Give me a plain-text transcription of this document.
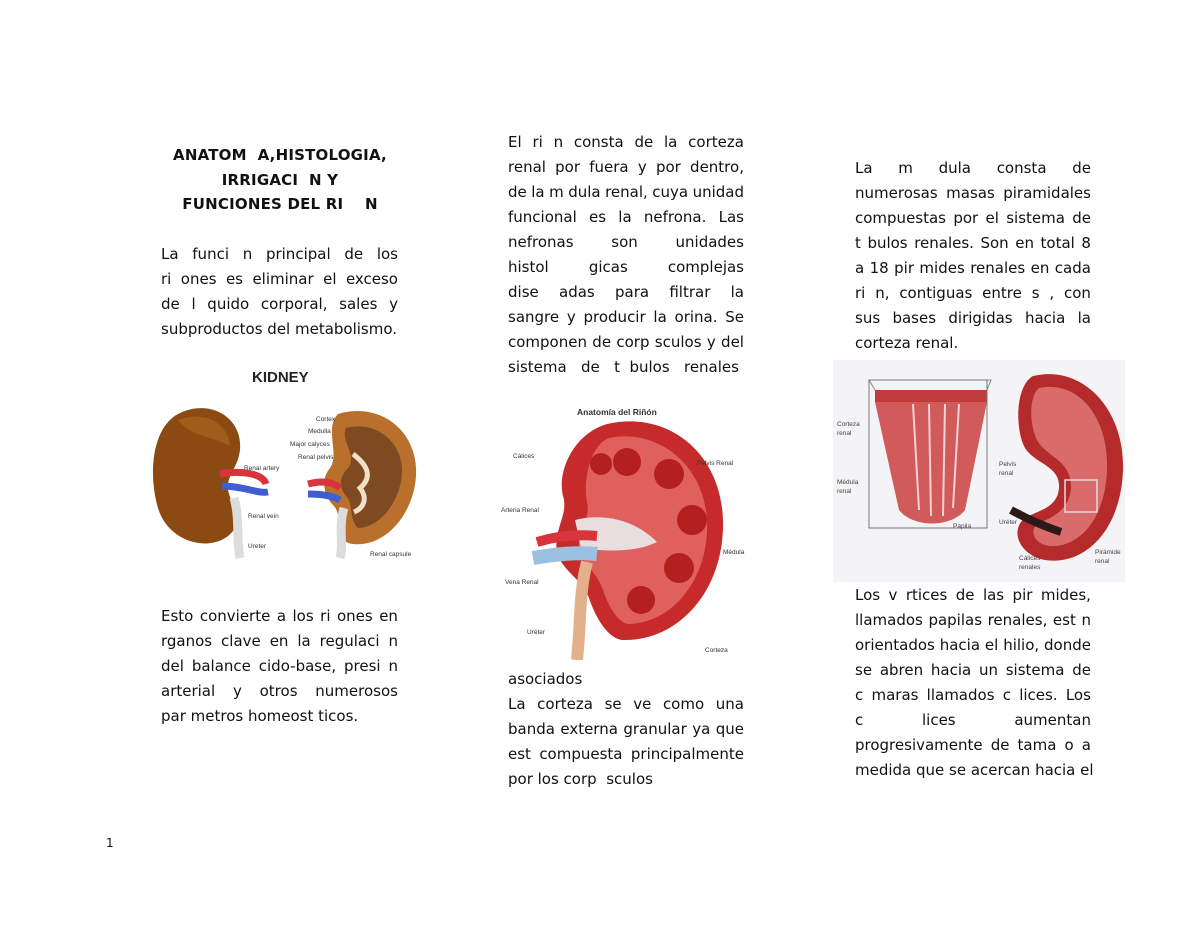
ANATOM  A,HISTOLOGIA,
IRRIGACI  N Y
FUNCIONES DEL RI    N
La funci n principal de los
ri ones es eliminar el exceso
de l quido corporal, sales y
subproductos del metabolismo.
KIDNEY
Cortex
Medulla
Major calyces
Renal pelvis
Renal artery
Renal vein
Ureter
Renal capsule
Esto convierte a los ri ones en
rganos clave en la regulaci n
del balance cido-base, presi n
arterial y otros numerosos
par metros homeost ticos.
El ri n consta de la corteza
renal por fuera y por dentro,
de la m dula renal, cuya unidad
funcional es la nefrona. Las
nefronas	son	unidades
histol	gicas	complejas
dise adas para filtrar la
sangre y producir la orina. Se
componen de corp sculos y del
sistema   de   t  bulos   renales
Anatomía del Riñón
Cálices
Pelvis Renal
Arteria Renal
Médula
Vena Renal
Uréter
Corteza
asociados
La corteza se ve como una
banda externa granular ya que
est compuesta principalmente
por los corp  sculos
La m dula consta de
numerosas masas piramidales
compuestas por el sistema de
t bulos renales. Son en total 8
a 18 pir mides renales en cada
ri n, contiguas entre s , con
sus bases dirigidas hacia la
corteza renal.
Corteza
renal
Médula
renal
Papila
Pelvis
renal
Uréter
Cálices
renales
Pirámide
renal
Los v rtices de las pir mides,
llamados papilas renales, est n
orientados hacia el hilio, donde
se abren hacia un sistema de
c maras llamados c lices. Los
c	lices	aumentan
progresivamente de tama o a
medida que se acercan hacia el
1
